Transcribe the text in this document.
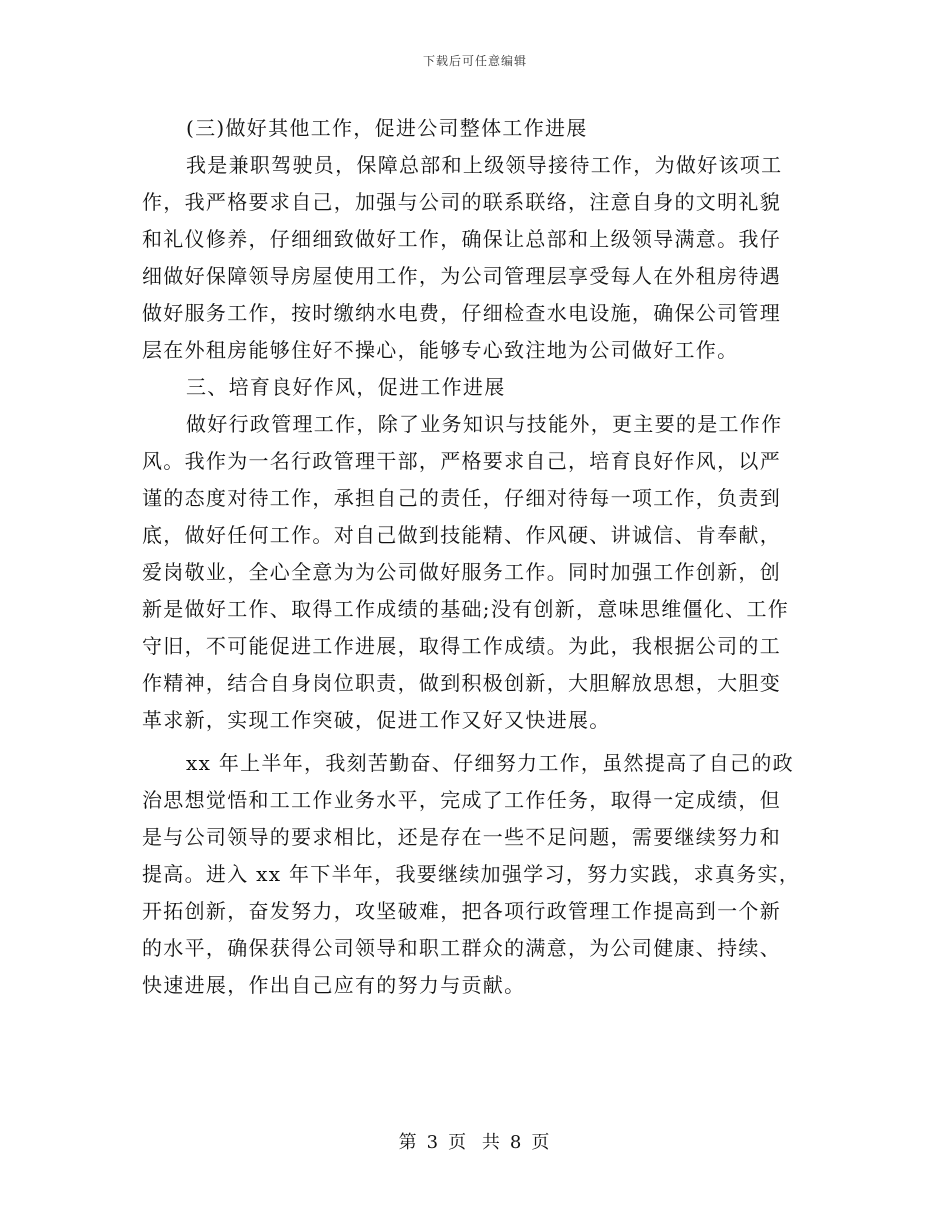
下载后可任意编辑

(三)做好其他工作，促进公司整体工作进展

我是兼职驾驶员，保障总部和上级领导接待工作，为做好该项工
作，我严格要求自己，加强与公司的联系联络，注意自身的文明礼貌
和礼仪修养，仔细细致做好工作，确保让总部和上级领导满意。我仔
细做好保障领导房屋使用工作，为公司管理层享受每人在外租房待遇
做好服务工作，按时缴纳水电费，仔细检查水电设施，确保公司管理
层在外租房能够住好不操心，能够专心致注地为公司做好工作。

三、培育良好作风，促进工作进展

做好行政管理工作，除了业务知识与技能外，更主要的是工作作
风。我作为一名行政管理干部，严格要求自己，培育良好作风，以严
谨的态度对待工作，承担自己的责任，仔细对待每一项工作，负责到
底，做好任何工作。对自己做到技能精、作风硬、讲诚信、肯奉献，
爱岗敬业，全心全意为为公司做好服务工作。同时加强工作创新，创
新是做好工作、取得工作成绩的基础;没有创新，意味思维僵化、工作
守旧，不可能促进工作进展，取得工作成绩。为此，我根据公司的工
作精神，结合自身岗位职责，做到积极创新，大胆解放思想，大胆变
革求新，实现工作突破，促进工作又好又快进展。

xx 年上半年，我刻苦勤奋、仔细努力工作，虽然提高了自己的政
治思想觉悟和工工作业务水平，完成了工作任务，取得一定成绩，但
是与公司领导的要求相比，还是存在一些不足问题，需要继续努力和
提高。进入 xx 年下半年，我要继续加强学习，努力实践，求真务实，
开拓创新，奋发努力，攻坚破难，把各项行政管理工作提高到一个新
的水平，确保获得公司领导和职工群众的满意，为公司健康、持续、
快速进展，作出自己应有的努力与贡献。

第 3 页 共 8 页
